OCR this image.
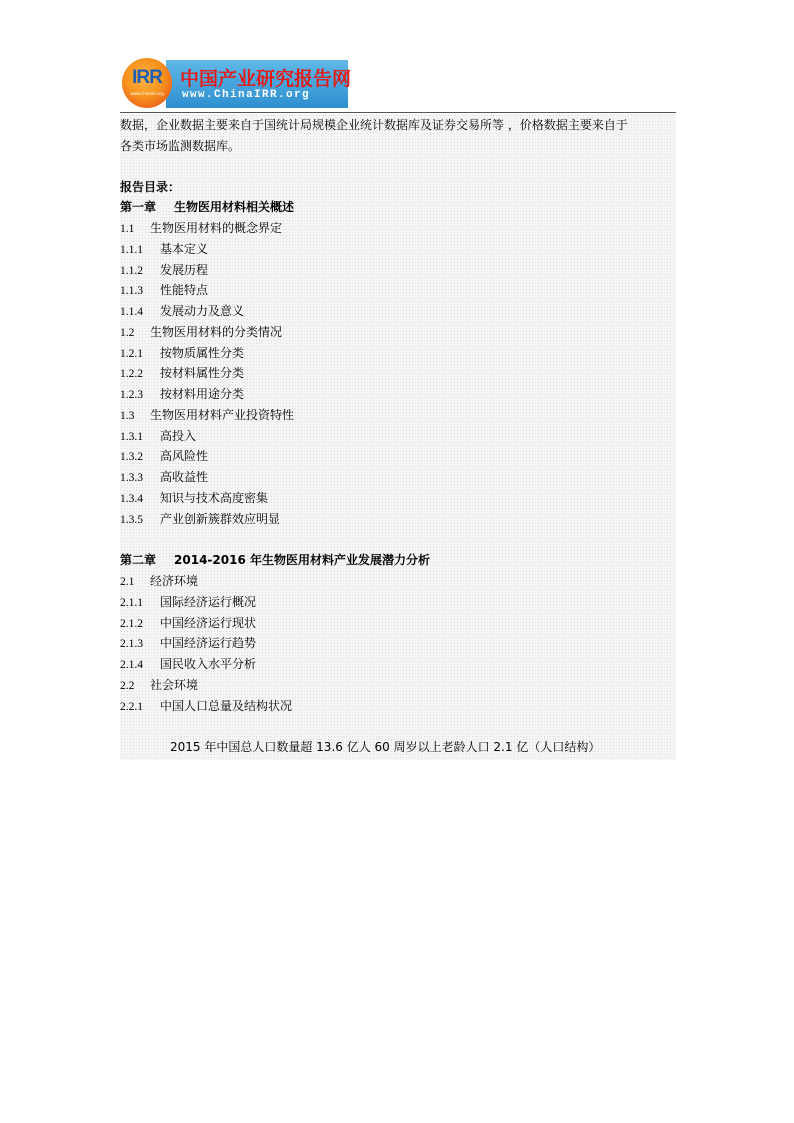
中国产业研究报告网
www.ChinaIRR.org
IRR
www.chinairr.org
数据，企业数据主要来自于国统计局规模企业统计数据库及证券交易所等 ，价格数据主要来自于
各类市场监测数据库。
报告目录：
第一章 生物医用材料相关概述
1.1 生物医用材料的概念界定
1.1.1 基本定义
1.1.2 发展历程
1.1.3 性能特点
1.1.4 发展动力及意义
1.2 生物医用材料的分类情况
1.2.1 按物质属性分类
1.2.2 按材料属性分类
1.2.3 按材料用途分类
1.3 生物医用材料产业投资特性
1.3.1 高投入
1.3.2 高风险性
1.3.3 高收益性
1.3.4 知识与技术高度密集
1.3.5 产业创新簇群效应明显
第二章 2014-2016 年生物医用材料产业发展潜力分析
2.1 经济环境
2.1.1 国际经济运行概况
2.1.2 中国经济运行现状
2.1.3 中国经济运行趋势
2.1.4 国民收入水平分析
2.2 社会环境
2.2.1 中国人口总量及结构状况
2015 年中国总人口数量超 13.6 亿人 60 周岁以上老龄人口 2.1 亿（人口结构）
